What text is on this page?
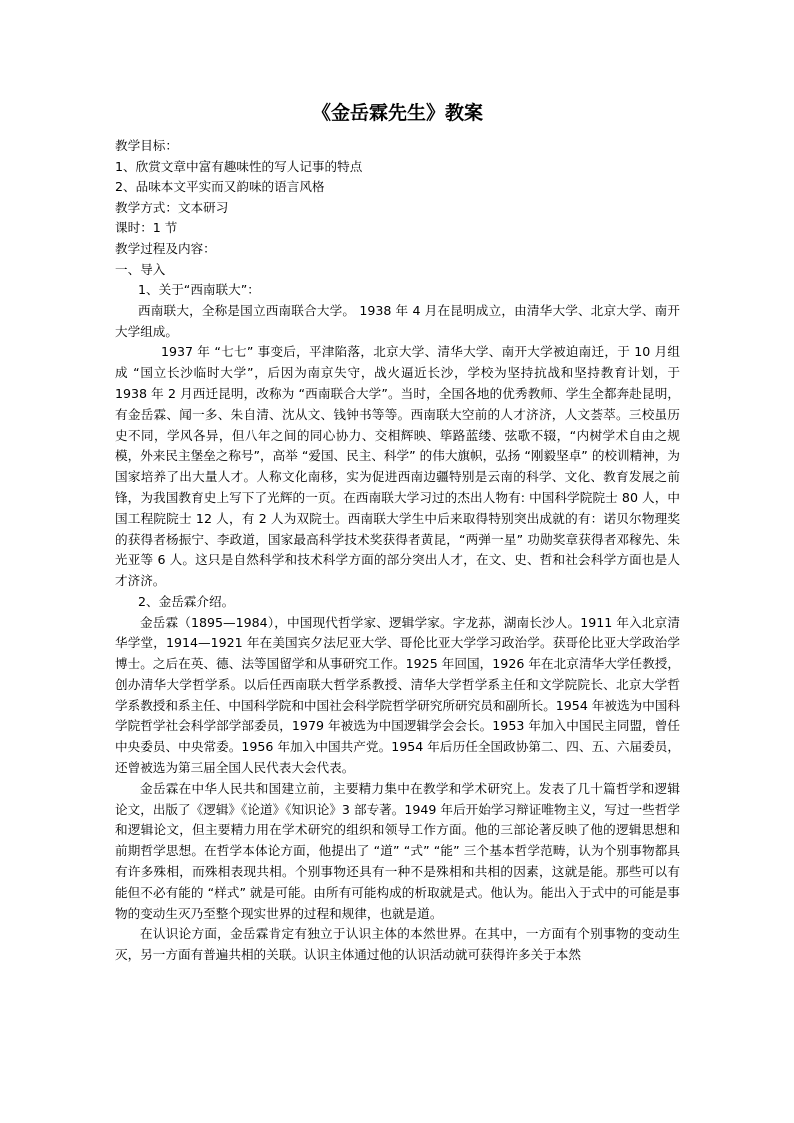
《金岳霖先生》教案

教学目标：

1、欣赏文章中富有趣味性的写人记事的特点

2、品味本文平实而又韵味的语言风格

教学方式：文本研习

课时：1 节

教学过程及内容：

一、导入

1、关于“西南联大”：

西南联大，全称是国立西南联合大学。 1938 年 4 月在昆明成立，由清华大学、北京大学、南开大学组成。

1937 年 “七七” 事变后，平津陷落，北京大学、清华大学、南开大学被迫南迁，于 10 月组成 “国立长沙临时大学”，后因为南京失守，战火逼近长沙，学校为坚持抗战和坚持教育计划，于 1938 年 2 月西迁昆明，改称为 “西南联合大学”。当时，全国各地的优秀教师、学生全都奔赴昆明，有金岳霖、闻一多、朱自清、沈从文、钱钟书等等。西南联大空前的人才济济，人文荟萃。三校虽历史不同，学风各异，但八年之间的同心协力、交相辉映、筚路蓝缕、弦歌不辍，“内树学术自由之规模，外来民主堡垒之称号”，高举 “爱国、民主、科学” 的伟大旗帜，弘扬 “刚毅坚卓” 的校训精神，为国家培养了出大量人才。人称文化南移，实为促进西南边疆特别是云南的科学、文化、教育发展之前锋，为我国教育史上写下了光辉的一页。在西南联大学习过的杰出人物有: 中国科学院院士 80 人，中国工程院院士 12 人，有 2 人为双院士。西南联大学生中后来取得特别突出成就的有：诺贝尔物理奖的获得者杨振宁、李政道，国家最高科学技术奖获得者黄昆，“两弹一星” 功勋奖章获得者邓稼先、朱光亚等 6 人。这只是自然科学和技术科学方面的部分突出人才，在文、史、哲和社会科学方面也是人才济济。

2、金岳霖介绍。

金岳霖（1895—1984），中国现代哲学家、逻辑学家。字龙荪，湖南长沙人。1911 年入北京清华学堂，1914—1921 年在美国宾夕法尼亚大学、哥伦比亚大学学习政治学。获哥伦比亚大学政治学博士。之后在英、德、法等国留学和从事研究工作。1925 年回国，1926 年在北京清华大学任教授，创办清华大学哲学系。以后任西南联大哲学系教授、清华大学哲学系主任和文学院院长、北京大学哲学系教授和系主任、中国科学院和中国社会科学院哲学研究所研究员和副所长。1954 年被选为中国科学院哲学社会科学部学部委员，1979 年被选为中国逻辑学会会长。1953 年加入中国民主同盟，曾任中央委员、中央常委。1956 年加入中国共产党。1954 年后历任全国政协第二、四、五、六届委员，还曾被选为第三届全国人民代表大会代表。

金岳霖在中华人民共和国建立前，主要精力集中在教学和学术研究上。发表了几十篇哲学和逻辑论文，出版了《逻辑》《论道》《知识论》3 部专著。1949 年后开始学习辩证唯物主义，写过一些哲学和逻辑论文，但主要精力用在学术研究的组织和领导工作方面。他的三部论著反映了他的逻辑思想和前期哲学思想。在哲学本体论方面，他提出了 “道” “式” “能” 三个基本哲学范畴，认为个别事物都具有许多殊相，而殊相表现共相。个别事物还具有一种不是殊相和共相的因素，这就是能。那些可以有能但不必有能的 “样式” 就是可能。由所有可能构成的析取就是式。他认为。能出入于式中的可能是事物的变动生灭乃至整个现实世界的过程和规律，也就是道。

在认识论方面，金岳霖肯定有独立于认识主体的本然世界。在其中，一方面有个别事物的变动生灭，另一方面有普遍共相的关联。认识主体通过他的认识活动就可获得许多关于本然
